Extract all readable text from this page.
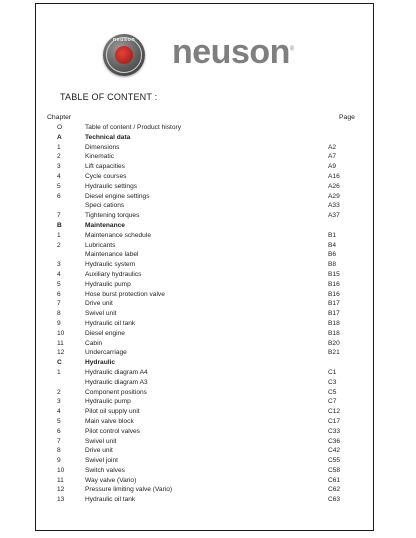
neuson neuson®
TABLE OF CONTENT :
Chapter	Page
O	Table of content / Product history
A	Technical data
1	Dimensions	A2
2	Kinematic	A7
3	Lift capacities	A9
4	Cycle courses	A16
5	Hydraulic settings	A26
6	Diesel engine settings	A29
Speci cations	A33
7	Tightening torques	A37
B	Maintenance
1	Maintenance schedule	B1
2	Lubricants	B4
Maintenance label	B6
3	Hydraulic system	B8
4	Auxiliary hydraulics	B15
5	Hydraulic pump	B16
6	Hose burst protection valve	B16
7	Drive unit	B17
8	Swivel unit	B17
9	Hydraulic oil tank	B18
10	Diesel engine	B18
11	Cabin	B20
12	Undercarriage	B21
C	Hydraulic
1	Hydraulic diagram A4	C1
Hydraulic diagram A3	C3
2	Component positions	C5
3	Hydraulic pump	C7
4	Pilot oil supply unit	C12
5	Main valve block	C17
6	Pilot control valves	C33
7	Swivel unit	C36
8	Drive unit	C42
9	Swivel joint	C55
10	Switch valves	C58
11	Way valve (Vario)	C61
12	Pressure limiting valve (Vario)	C62
13	Hydraulic oil tank	C63
